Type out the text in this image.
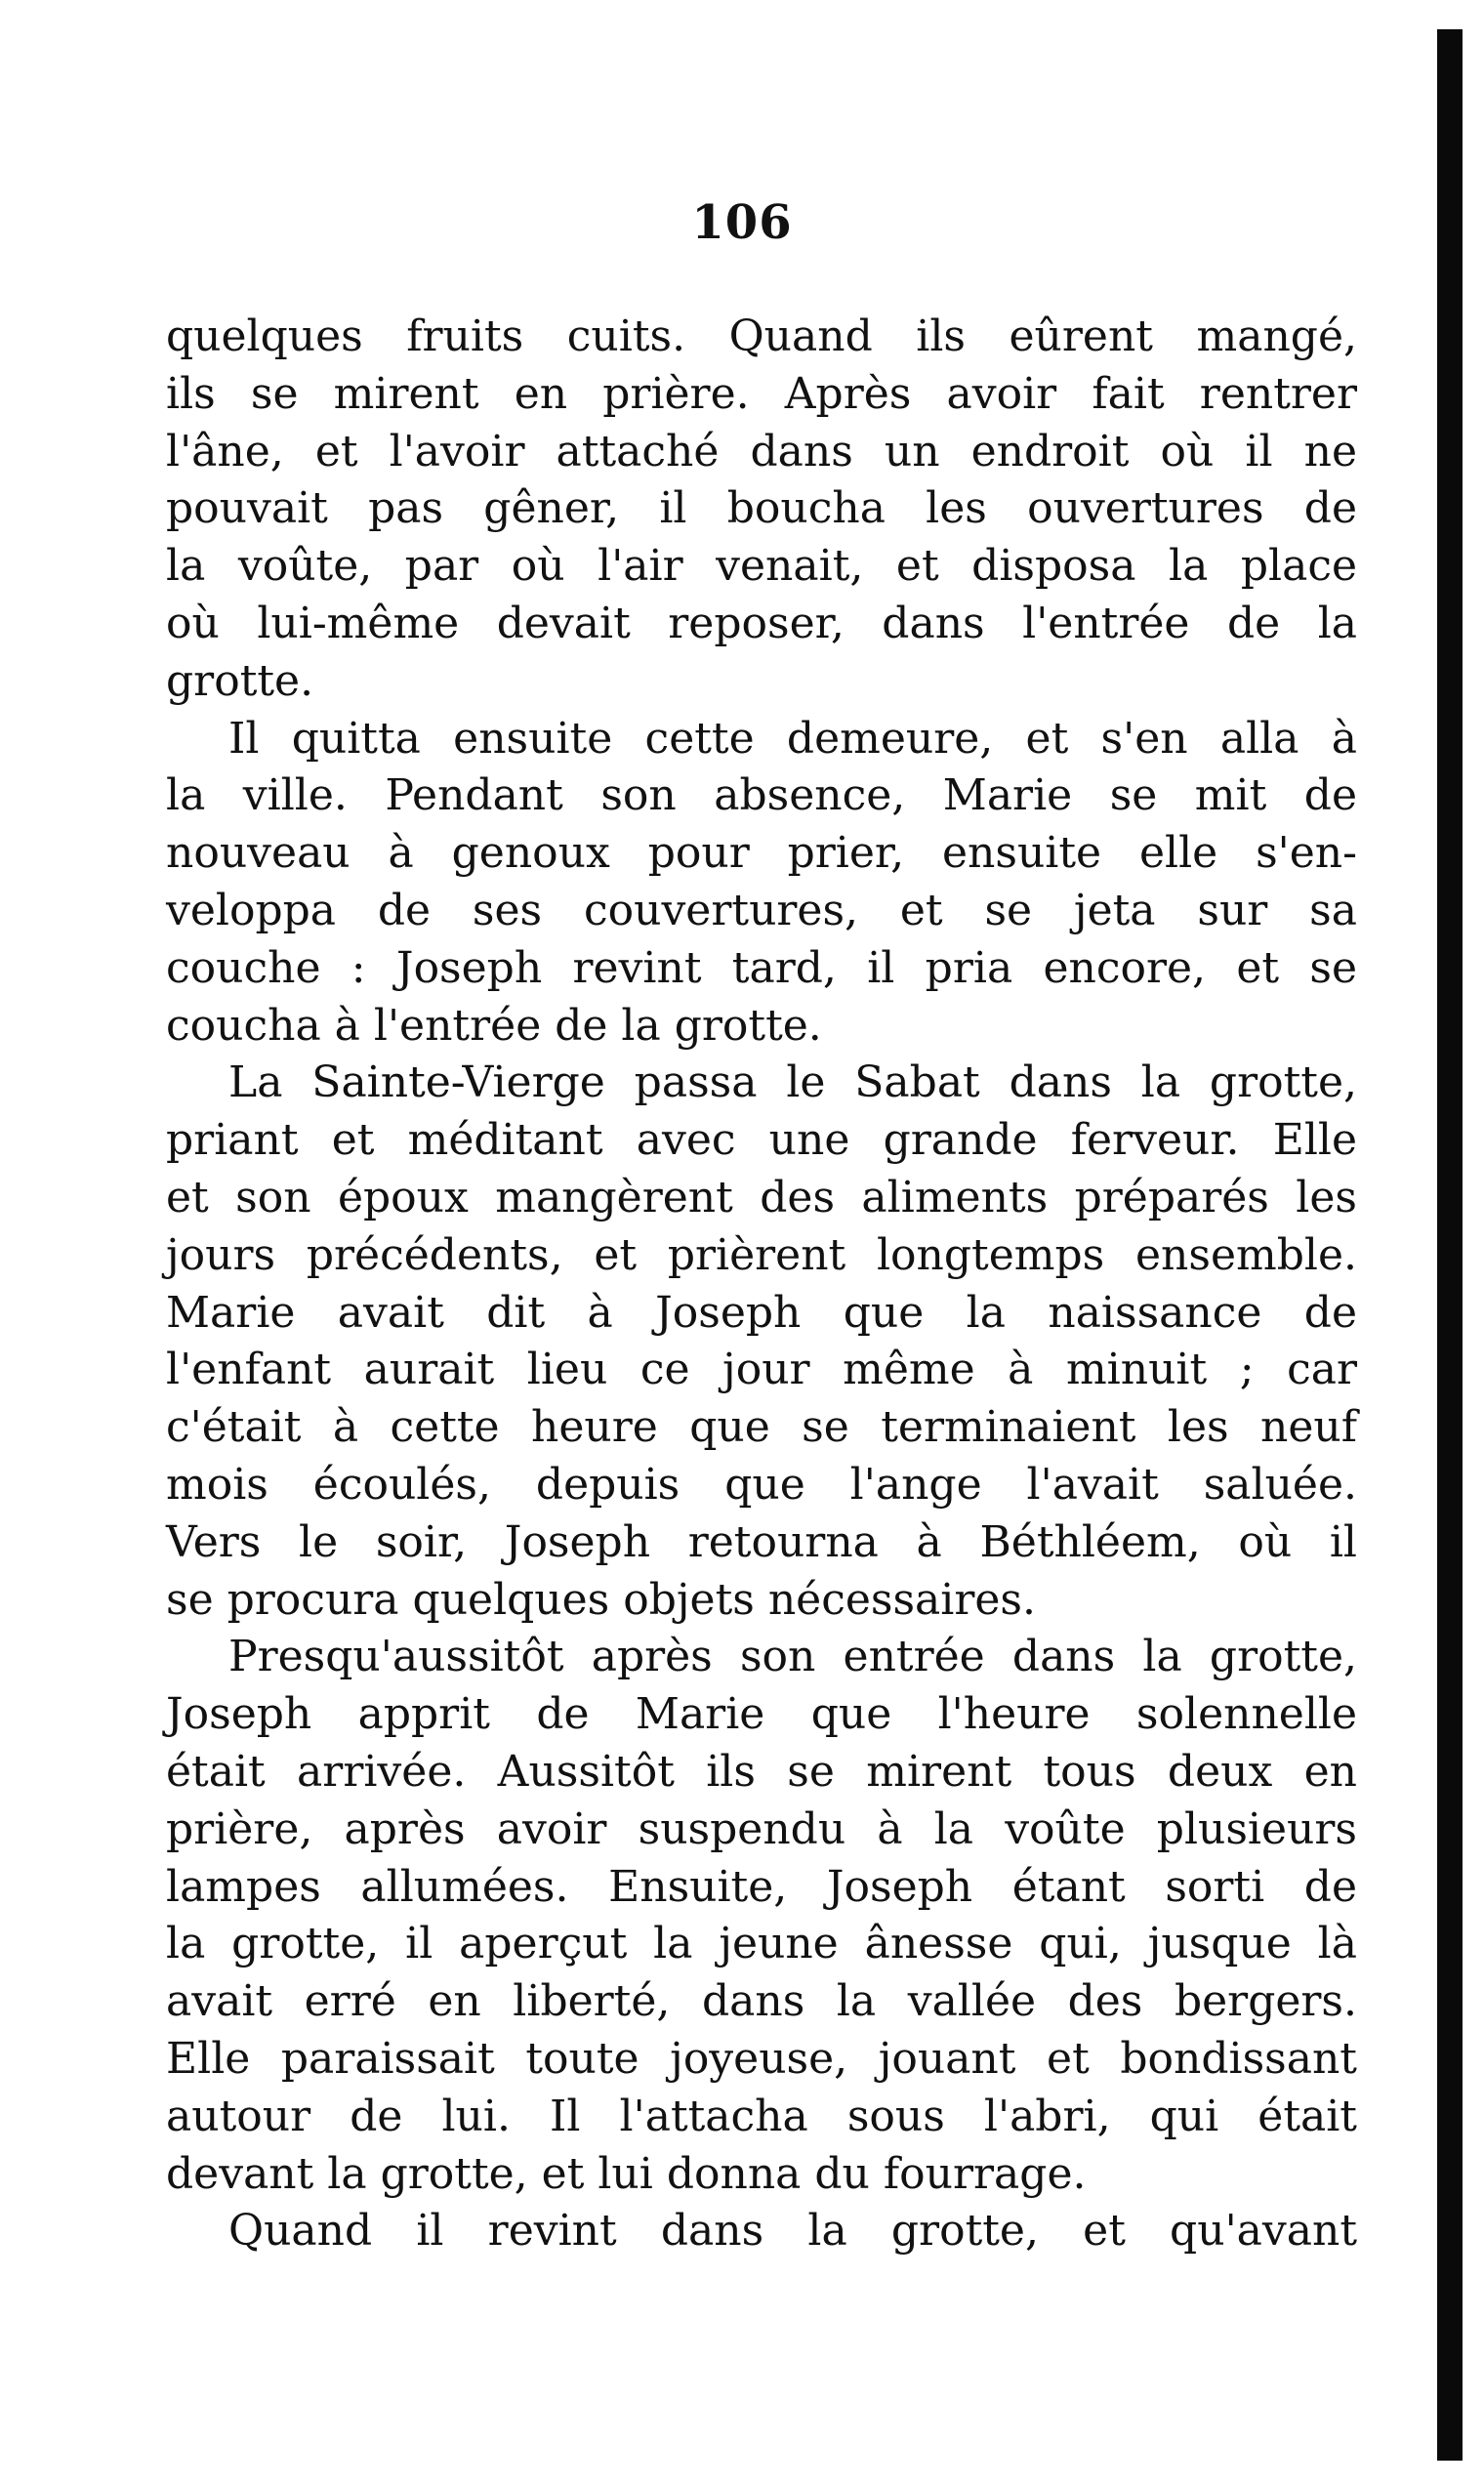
106
quelques fruits cuits. Quand ils eûrent mangé,
ils se mirent en prière. Après avoir fait rentrer
l'âne, et l'avoir attaché dans un endroit où il ne
pouvait pas gêner, il boucha les ouvertures de
la voûte, par où l'air venait, et disposa la place
où lui-même devait reposer, dans l'entrée de la
grotte.
Il quitta ensuite cette demeure, et s'en alla à
la ville. Pendant son absence, Marie se mit de
nouveau à genoux pour prier, ensuite elle s'en-
veloppa de ses couvertures, et se jeta sur sa
couche : Joseph revint tard, il pria encore, et se
coucha à l'entrée de la grotte.
La Sainte-Vierge passa le Sabat dans la grotte,
priant et méditant avec une grande ferveur. Elle
et son époux mangèrent des aliments préparés les
jours précédents, et prièrent longtemps ensemble.
Marie avait dit à Joseph que la naissance de
l'enfant aurait lieu ce jour même à minuit ; car
c'était à cette heure que se terminaient les neuf
mois écoulés, depuis que l'ange l'avait saluée.
Vers le soir, Joseph retourna à Béthléem, où il
se procura quelques objets nécessaires.
Presqu'aussitôt après son entrée dans la grotte,
Joseph apprit de Marie que l'heure solennelle
était arrivée. Aussitôt ils se mirent tous deux en
prière, après avoir suspendu à la voûte plusieurs
lampes allumées. Ensuite, Joseph étant sorti de
la grotte, il aperçut la jeune ânesse qui, jusque là
avait erré en liberté, dans la vallée des bergers.
Elle paraissait toute joyeuse, jouant et bondissant
autour de lui. Il l'attacha sous l'abri, qui était
devant la grotte, et lui donna du fourrage.
Quand il revint dans la grotte, et qu'avant
